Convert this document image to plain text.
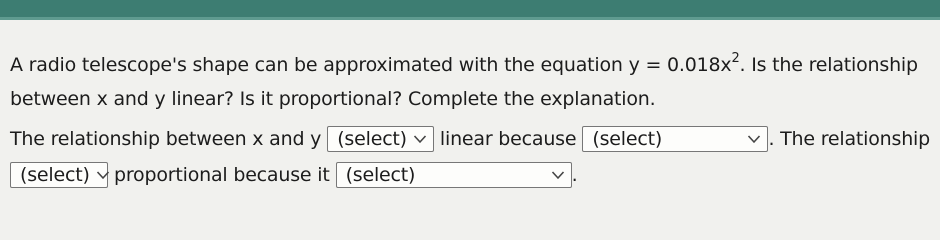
A radio telescope's shape can be approximated with the equation $y = 0.018x^2$. Is the relationship
between x and y linear? Is it proportional? Complete the explanation.
The relationship between x and y (select) linear because (select)	. The relationship
(select) proportional because it (select)	.
